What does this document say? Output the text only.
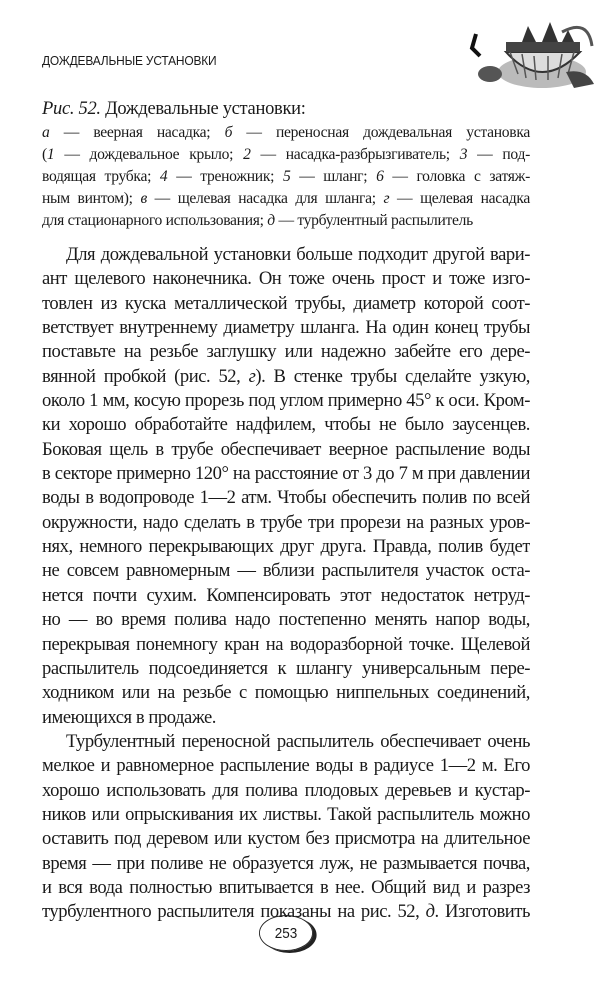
ДОЖДЕВАЛЬНЫЕ УСТАНОВКИ
Рис. 52. Дождевальные установки:
а — веерная насадка; б — переносная дождевальная установка
(1 — дождевальное крыло; 2 — насадка-разбрызгиватель; 3 — под-
водящая трубка; 4 — треножник; 5 — шланг; 6 — головка с затяж-
ным винтом); в — щелевая насадка для шланга; г — щелевая насадка
для стационарного использования; д — турбулентный распылитель
Для дождевальной установки больше подходит другой вари-
ант щелевого наконечника. Он тоже очень прост и тоже изго-
товлен из куска металлической трубы, диаметр которой соот-
ветствует внутреннему диаметру шланга. На один конец трубы
поставьте на резьбе заглушку или надежно забейте его дере-
вянной пробкой (рис. 52, г). В стенке трубы сделайте узкую,
около 1 мм, косую прорезь под углом примерно 45° к оси. Кром-
ки хорошо обработайте надфилем, чтобы не было заусенцев.
Боковая щель в трубе обеспечивает веерное распыление воды
в секторе примерно 120° на расстояние от 3 до 7 м при давлении
воды в водопроводе 1—2 атм. Чтобы обеспечить полив по всей
окружности, надо сделать в трубе три прорези на разных уров-
нях, немного перекрывающих друг друга. Правда, полив будет
не совсем равномерным — вблизи распылителя участок оста-
нется почти сухим. Компенсировать этот недостаток нетруд-
но — во время полива надо постепенно менять напор воды,
перекрывая понемногу кран на водоразборной точке. Щелевой
распылитель подсоединяется к шлангу универсальным пере-
ходником или на резьбе с помощью ниппельных соединений,
имеющихся в продаже.
Турбулентный переносной распылитель обеспечивает очень
мелкое и равномерное распыление воды в радиусе 1—2 м. Его
хорошо использовать для полива плодовых деревьев и кустар-
ников или опрыскивания их листвы. Такой распылитель можно
оставить под деревом или кустом без присмотра на длительное
время — при поливе не образуется луж, не размывается почва,
и вся вода полностью впитывается в нее. Общий вид и разрез
турбулентного распылителя показаны на рис. 52, д. Изготовить
253
